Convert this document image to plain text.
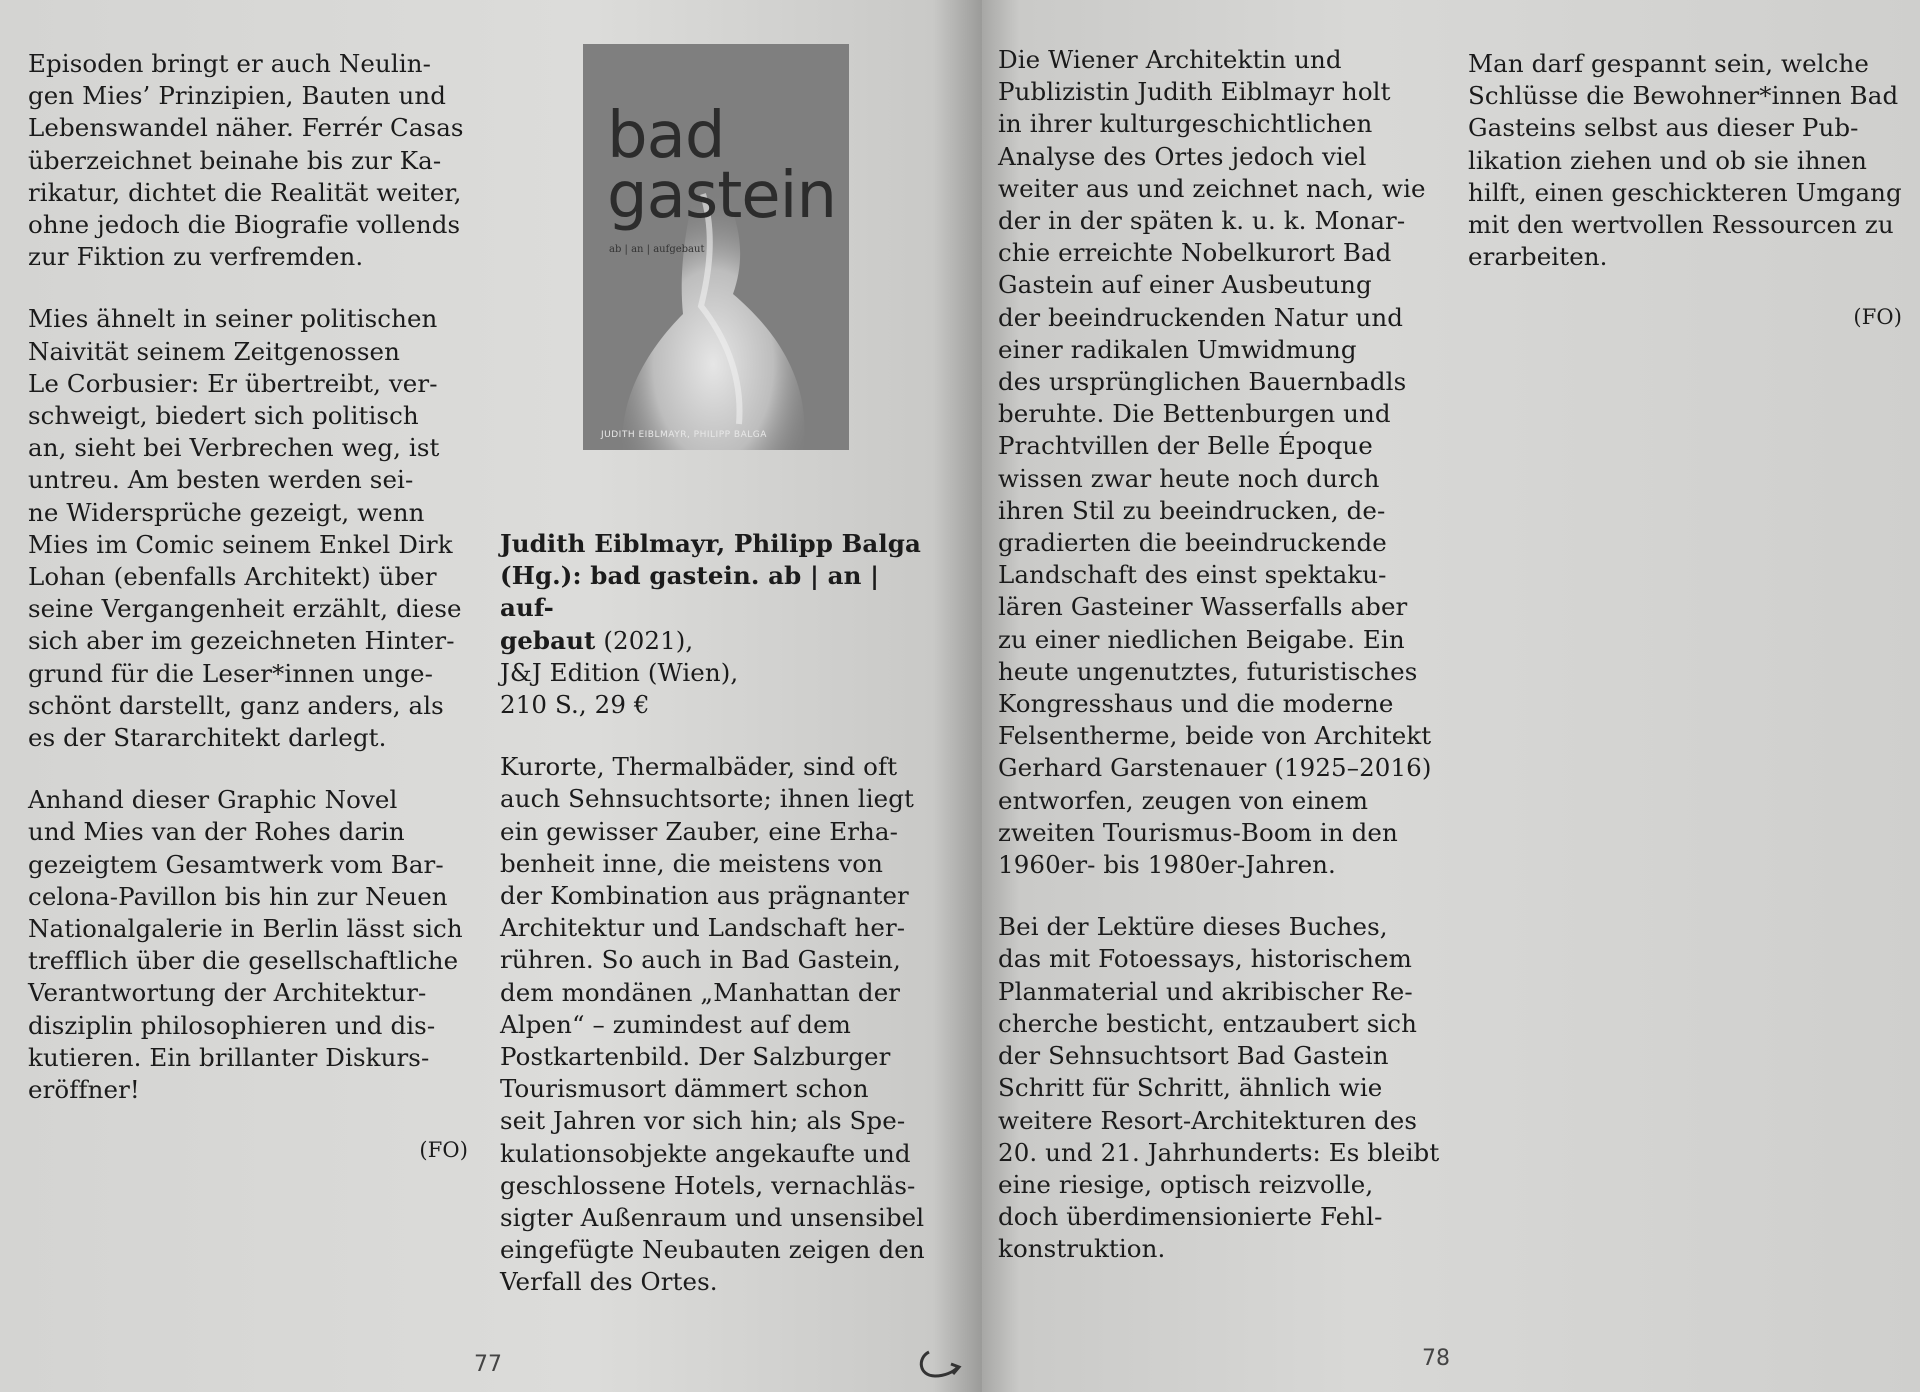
Episoden bringt er auch Neulin-
gen Mies’ Prinzipien, Bauten und
Lebenswandel näher. Ferrér Casas
überzeichnet beinahe bis zur Ka-
rikatur, dichtet die Realität weiter,
ohne jedoch die Biografie vollends
zur Fiktion zu verfremden.

Mies ähnelt in seiner politischen
Naivität seinem Zeitgenossen
Le Corbusier: Er übertreibt, ver-
schweigt, biedert sich politisch
an, sieht bei Verbrechen weg, ist
untreu. Am besten werden sei-
ne Widersprüche gezeigt, wenn
Mies im Comic seinem Enkel Dirk
Lohan (ebenfalls Architekt) über
seine Vergangenheit erzählt, diese
sich aber im gezeichneten Hinter-
grund für die Leser*innen unge-
schönt darstellt, ganz anders, als
es der Stararchitekt darlegt.

Anhand dieser Graphic Novel
und Mies van der Rohes darin
gezeigtem Gesamtwerk vom Bar-
celona-Pavillon bis hin zur Neuen
Nationalgalerie in Berlin lässt sich
trefflich über die gesellschaftliche
Verantwortung der Architektur-
disziplin philosophieren und dis-
kutieren. Ein brillanter Diskurs-
eröffner!

(FO)
bad
gastein
ab | an | aufgebaut
JUDITH EIBLMAYR, PHILIPP BALGA

Judith Eiblmayr, Philipp Balga
(Hg.): bad gastein. ab | an | auf-
gebaut (2021),
J&J Edition (Wien),
210 S., 29 €

Kurorte, Thermalbäder, sind oft
auch Sehnsuchtsorte; ihnen liegt
ein gewisser Zauber, eine Erha-
benheit inne, die meistens von
der Kombination aus prägnanter
Architektur und Landschaft her-
rühren. So auch in Bad Gastein,
dem mondänen „Manhattan der
Alpen“ – zumindest auf dem
Postkartenbild. Der Salzburger
Tourismusort dämmert schon
seit Jahren vor sich hin; als Spe-
kulationsobjekte angekaufte und
geschlossene Hotels, vernachläs-
sigter Außenraum und unsensibel
eingefügte Neubauten zeigen den
Verfall des Ortes.

77

Die Wiener Architektin und
Publizistin Judith Eiblmayr holt
in ihrer kulturgeschichtlichen
Analyse des Ortes jedoch viel
weiter aus und zeichnet nach, wie
der in der späten k. u. k. Monar-
chie erreichte Nobelkurort Bad
Gastein auf einer Ausbeutung
der beeindruckenden Natur und
einer radikalen Umwidmung
des ursprünglichen Bauernbadls
beruhte. Die Bettenburgen und
Prachtvillen der Belle Époque
wissen zwar heute noch durch
ihren Stil zu beeindrucken, de-
gradierten die beeindruckende
Landschaft des einst spektaku-
lären Gasteiner Wasserfalls aber
zu einer niedlichen Beigabe. Ein
heute ungenutztes, futuristisches
Kongresshaus und die moderne
Felsentherme, beide von Architekt
Gerhard Garstenauer (1925–2016)
entworfen, zeugen von einem
zweiten Tourismus-Boom in den
1960er- bis 1980er-Jahren.

Bei der Lektüre dieses Buches,
das mit Fotoessays, historischem
Planmaterial und akribischer Re-
cherche besticht, entzaubert sich
der Sehnsuchtsort Bad Gastein
Schritt für Schritt, ähnlich wie
weitere Resort-Architekturen des
20. und 21. Jahrhunderts: Es bleibt
eine riesige, optisch reizvolle,
doch überdimensionierte Fehl-
konstruktion.

Man darf gespannt sein, welche
Schlüsse die Bewohner*innen Bad
Gasteins selbst aus dieser Pub-
likation ziehen und ob sie ihnen
hilft, einen geschickteren Umgang
mit den wertvollen Ressourcen zu
erarbeiten.

(FO)
78
